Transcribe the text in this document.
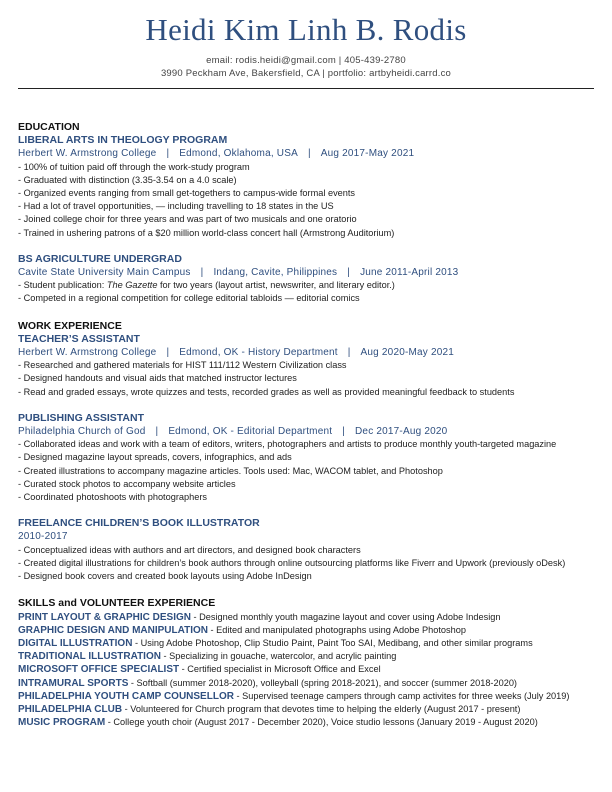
Heidi Kim Linh B. Rodis
email: rodis.heidi@gmail.com | 405-439-2780
3990 Peckham Ave, Bakersfield, CA | portfolio: artbyheidi.carrd.co
EDUCATION
LIBERAL ARTS IN THEOLOGY PROGRAM
Herbert W. Armstrong College | Edmond, Oklahoma, USA | Aug 2017-May 2021
- 100% of tuition paid off through the work-study program
- Graduated with distinction (3.35-3.54 on a 4.0 scale)
- Organized events ranging from small get-togethers to campus-wide formal events
- Had a lot of travel opportunities, — including travelling to 18 states in the US
- Joined college choir for three years and was part of two musicals and one oratorio
- Trained in ushering patrons of a $20 million world-class concert hall (Armstrong Auditorium)
BS AGRICULTURE UNDERGRAD
Cavite State University Main Campus | Indang, Cavite, Philippines | June 2011-April 2013
- Student publication: The Gazette for two years (layout artist, newswriter, and literary editor.)
- Competed in a regional competition for college editorial tabloids — editorial comics
WORK EXPERIENCE
TEACHER’S ASSISTANT
Herbert W. Armstrong College | Edmond, OK - History Department | Aug 2020-May 2021
- Researched and gathered materials for HIST 111/112 Western Civilization class
- Designed handouts and visual aids that matched instructor lectures
- Read and graded essays, wrote quizzes and tests, recorded grades as well as provided meaningful feedback to students
PUBLISHING ASSISTANT
Philadelphia Church of God | Edmond, OK - Editorial Department | Dec 2017-Aug 2020
- Collaborated ideas and work with a team of editors, writers, photographers and artists to produce monthly youth-targeted magazine
- Designed magazine layout spreads, covers, infographics, and ads
- Created illustrations to accompany magazine articles. Tools used: Mac, WACOM tablet, and Photoshop
- Curated stock photos to accompany website articles
- Coordinated photoshoots with photographers
FREELANCE CHILDREN’S BOOK ILLUSTRATOR
2010-2017
- Conceptualized ideas with authors and art directors, and designed book characters
- Created digital illustrations for children’s book authors through online outsourcing platforms like Fiverr and Upwork (previously oDesk)
- Designed book covers and created book layouts using Adobe InDesign
SKILLS and VOLUNTEER EXPERIENCE
PRINT LAYOUT & GRAPHIC DESIGN - Designed monthly youth magazine layout and cover using Adobe Indesign
GRAPHIC DESIGN AND MANIPULATION - Edited and manipulated photographs using Adobe Photoshop
DIGITAL ILLUSTRATION - Using Adobe Photoshop, Clip Studio Paint, Paint Too SAI, Medibang, and other similar programs
TRADITIONAL ILLUSTRATION - Specializing in gouache, watercolor, and acrylic painting
MICROSOFT OFFICE SPECIALIST - Certified specialist in Microsoft Office and Excel
INTRAMURAL SPORTS - Softball (summer 2018-2020), volleyball (spring 2018-2021), and soccer (summer 2018-2020)
PHILADELPHIA YOUTH CAMP COUNSELLOR - Supervised teenage campers through camp activites for three weeks (July 2019)
PHILADELPHIA CLUB - Volunteered for Church program that devotes time to helping the elderly (August 2017 - present)
MUSIC PROGRAM - College youth choir (August 2017 - December 2020), Voice studio lessons (January 2019 - August 2020)
